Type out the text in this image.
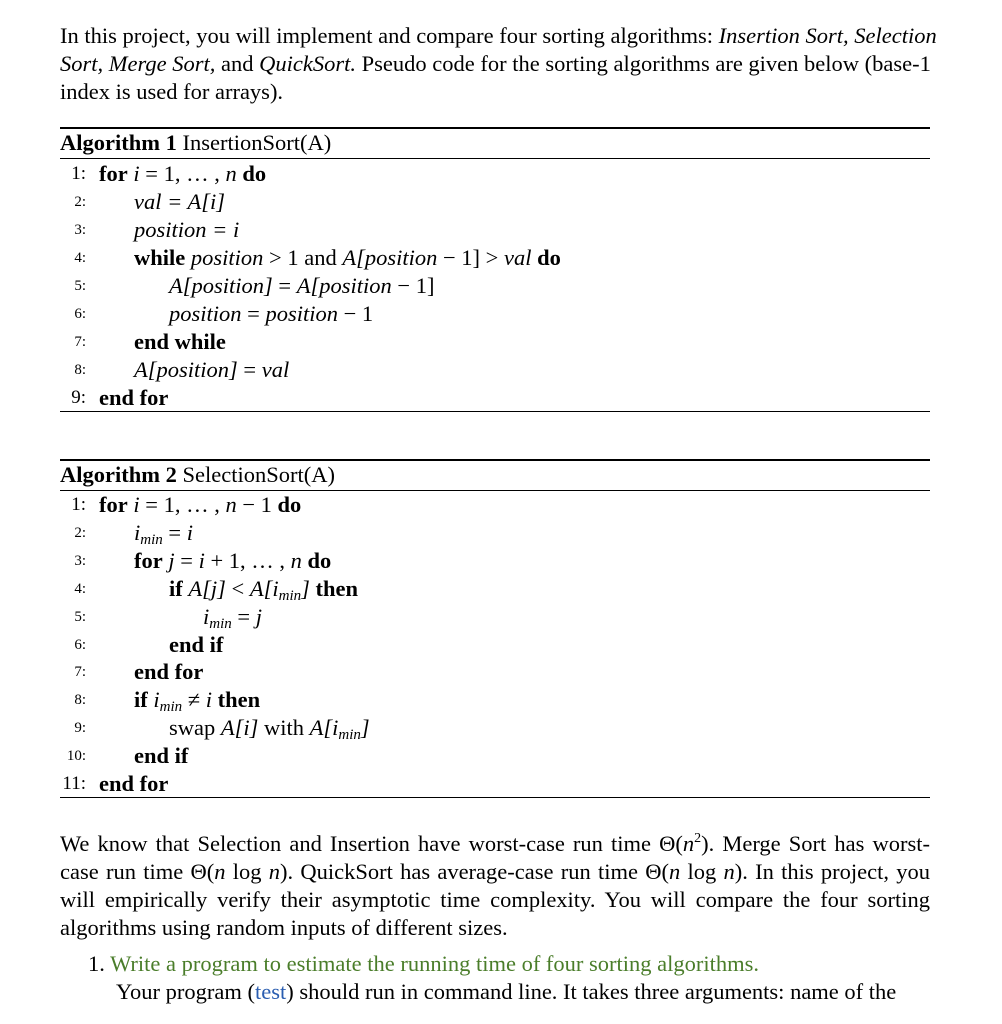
In this project, you will implement and compare four sorting algorithms: Insertion Sort, Selection
Sort, Merge Sort, and QuickSort. Pseudo code for the sorting algorithms are given below (base-1
index is used for arrays).
Algorithm 1 InsertionSort(A)
1: for i = 1, … , n do
2: val = A[i]
3: position = i
4: while position > 1 and A[position − 1] > val do
5:	A[position] = A[position − 1]
6:	position = position − 1
7: end while
8: A[position] = val
9: end for
Algorithm 2 SelectionSort(A)
1: for i = 1, … , n − 1 do
2: $i_{min} = i$
3: for j = i + 1, … , n do
4:	if $A[j] < A[i_{min}]$ then
5:	$i_{min} = j$
6:	end if
7: end for
8: if $i_{min} \ne i$ then
9:	swap A[i] with $A[i_{min}]$
10: end if
11: end for
We know that Selection and Insertion have worst-case run time $\Theta(n^2)$. Merge Sort has worst-
case run time Θ(n log n). QuickSort has average-case run time Θ(n log n). In this project, you
will empirically verify their asymptotic time complexity. You will compare the four sorting
algorithms using random inputs of different sizes.
1. Write a program to estimate the running time of four sorting algorithms.
Your program (test) should run in command line. It takes three arguments: name of the
